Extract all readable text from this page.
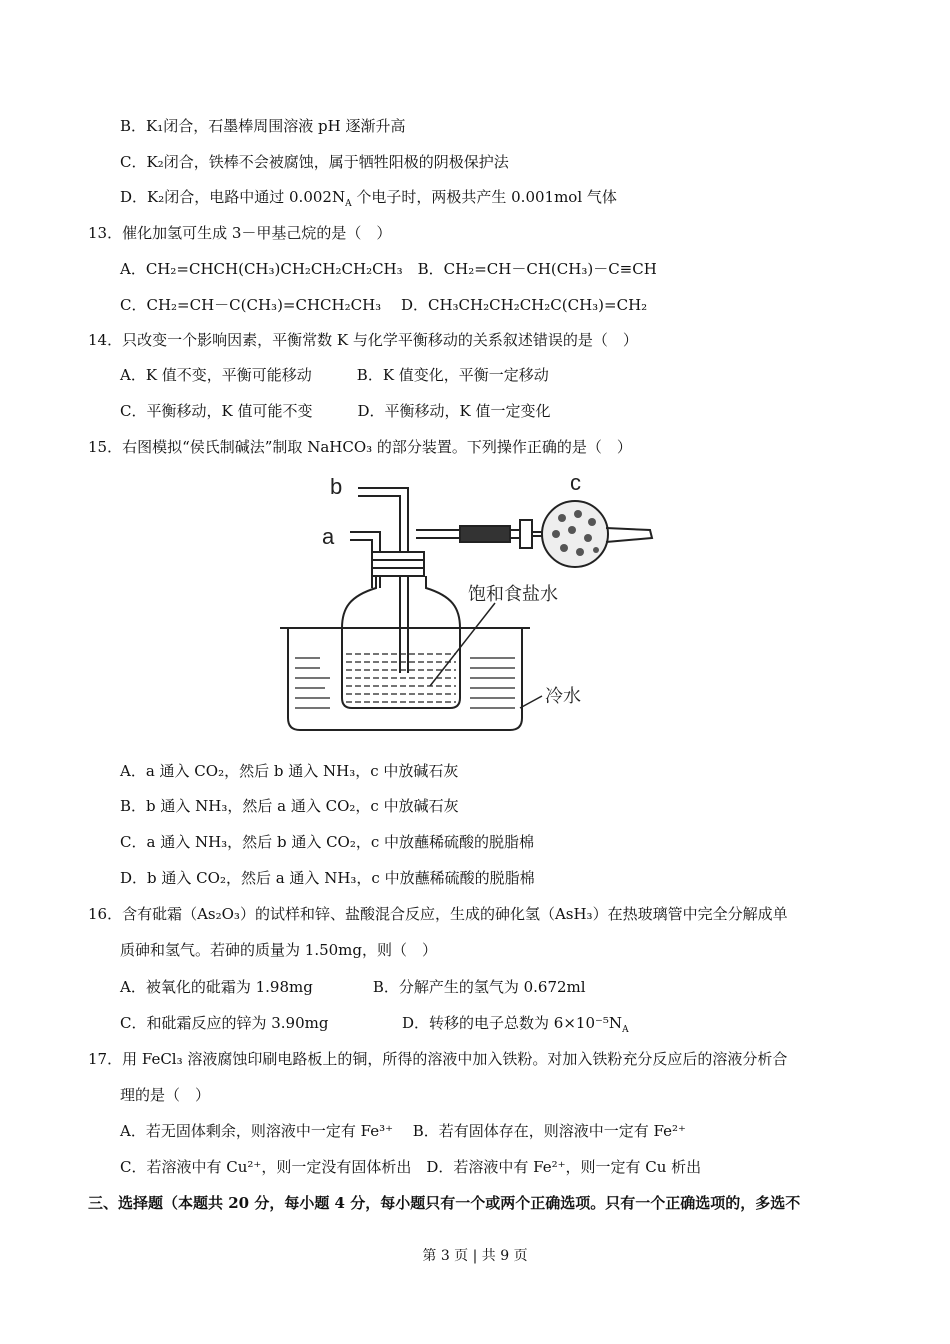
B．K₁闭合，石墨棒周围溶液 pH 逐渐升高
C．K₂闭合，铁棒不会被腐蚀，属于牺牲阳极的阴极保护法
D．K₂闭合，电路中通过 $0.002N_A$ 个电子时，两极共产生 0.001mol 气体
13．催化加氢可生成 3－甲基己烷的是（　）
A．CH₂=CHCH(CH₃)CH₂CH₂CH₂CH₃　B．CH₂=CH－CH(CH₃)－C≡CH
C．CH₂=CH－C(CH₃)=CHCH₂CH₃　 D．CH₃CH₂CH₂CH₂C(CH₃)=CH₂
14．只改变一个影响因素，平衡常数 K 与化学平衡移动的关系叙述错误的是（　）
A．K 值不变，平衡可能移动　　　B．K 值变化，平衡一定移动
C．平衡移动，K 值可能不变　　　D．平衡移动，K 值一定变化
15．右图模拟“侯氏制碱法”制取 NaHCO₃ 的部分装置。下列操作正确的是（　）
b
a
c
饱和食盐水
冷水
A．a 通入 CO₂，然后 b 通入 NH₃，c 中放碱石灰
B．b 通入 NH₃，然后 a 通入 CO₂，c 中放碱石灰
C．a 通入 NH₃，然后 b 通入 CO₂，c 中放蘸稀硫酸的脱脂棉
D．b 通入 CO₂，然后 a 通入 NH₃，c 中放蘸稀硫酸的脱脂棉
16．含有砒霜（As₂O₃）的试样和锌、盐酸混合反应，生成的砷化氢（AsH₃）在热玻璃管中完全分解成单
质砷和氢气。若砷的质量为 1.50mg，则（　）
A．被氧化的砒霜为 1.98mg　　　　B．分解产生的氢气为 0.672ml
C．和砒霜反应的锌为 3.90mg	D．转移的电子总数为 $6\times 10^{-5}N_A$
17．用 FeCl₃ 溶液腐蚀印刷电路板上的铜，所得的溶液中加入铁粉。对加入铁粉充分反应后的溶液分析合
理的是（　）
A．若无固体剩余，则溶液中一定有 Fe³⁺　 B．若有固体存在，则溶液中一定有 Fe²⁺
C．若溶液中有 Cu²⁺，则一定没有固体析出　D．若溶液中有 Fe²⁺，则一定有 Cu 析出
三、选择题（本题共 20 分，每小题 4 分，每小题只有一个或两个正确选项。只有一个正确选项的，多选不
第 3 页 | 共 9 页
